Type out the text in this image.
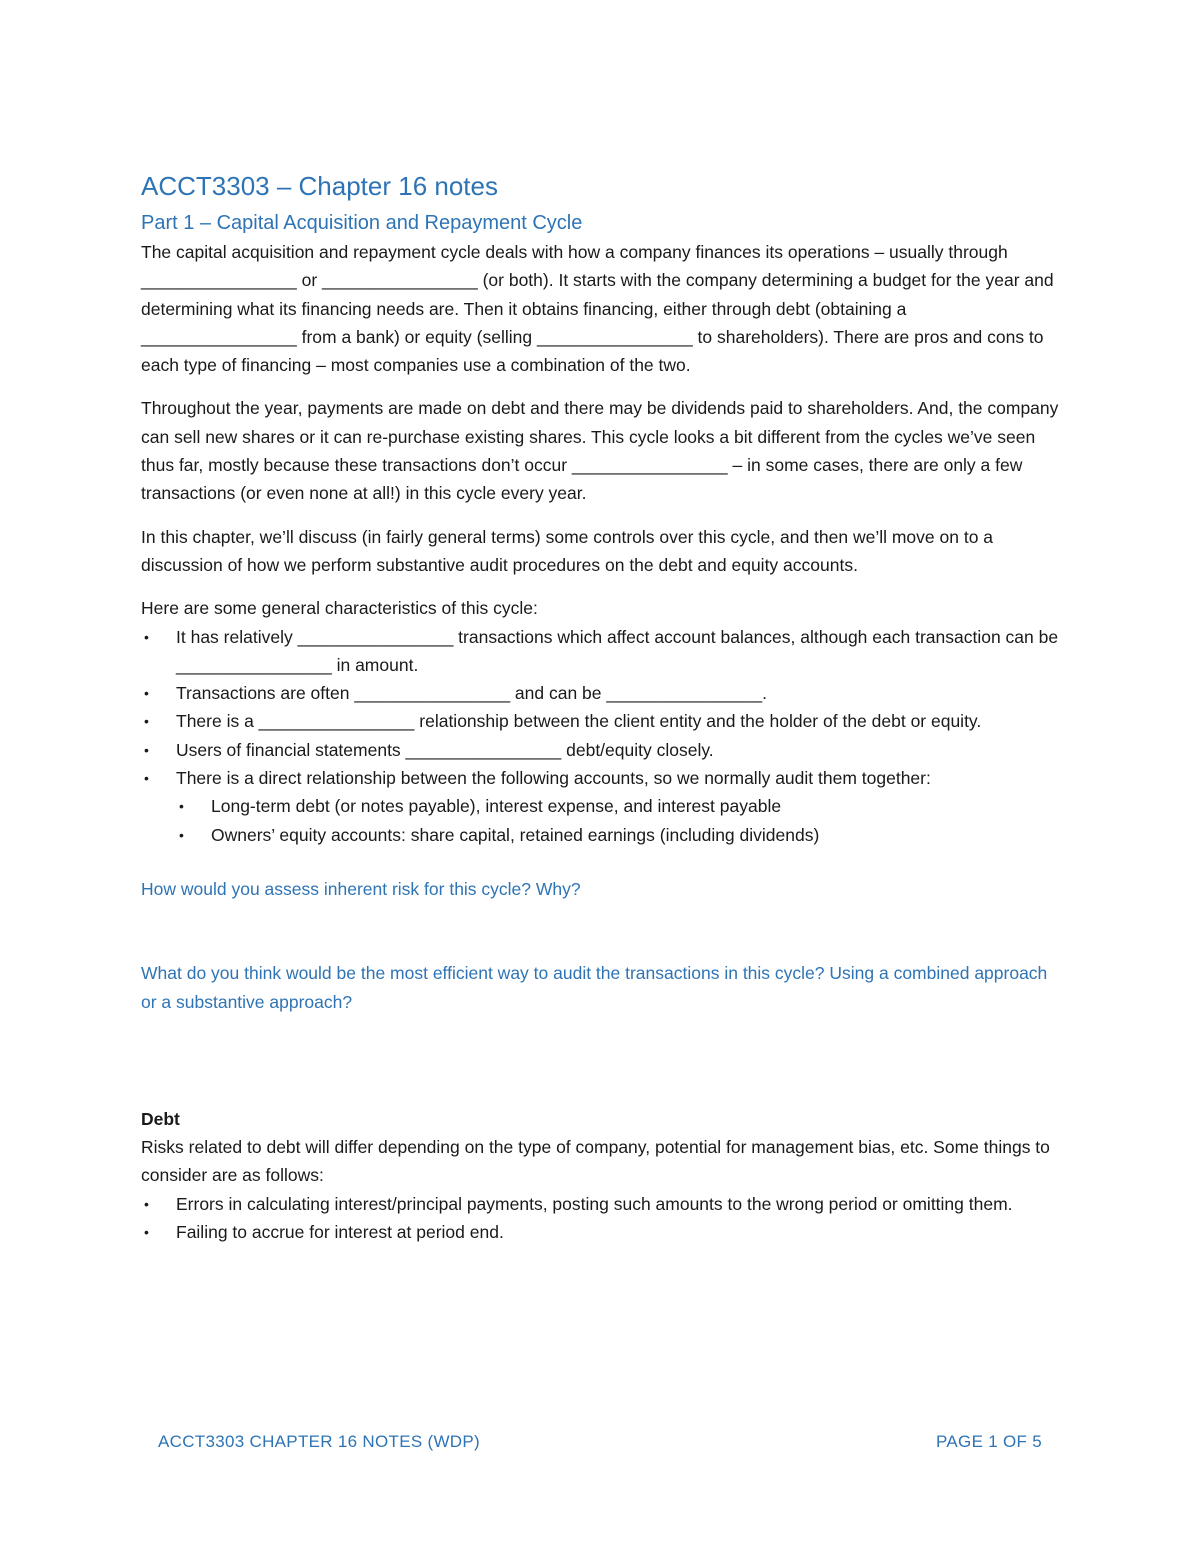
ACCT3303 – Chapter 16 notes
Part 1 – Capital Acquisition and Repayment Cycle

The capital acquisition and repayment cycle deals with how a company finances its operations – usually through ________________ or ________________ (or both). It starts with the company determining a budget for the year and determining what its financing needs are. Then it obtains financing, either through debt (obtaining a ________________ from a bank) or equity (selling ________________ to shareholders). There are pros and cons to each type of financing – most companies use a combination of the two.

Throughout the year, payments are made on debt and there may be dividends paid to shareholders. And, the company can sell new shares or it can re-purchase existing shares. This cycle looks a bit different from the cycles we’ve seen thus far, mostly because these transactions don’t occur ________________ – in some cases, there are only a few transactions (or even none at all!) in this cycle every year.

In this chapter, we’ll discuss (in fairly general terms) some controls over this cycle, and then we’ll move on to a discussion of how we perform substantive audit procedures on the debt and equity accounts.

Here are some general characteristics of this cycle:

• It has relatively ________________ transactions which affect account balances, although each transaction can be ________________ in amount.
• Transactions are often ________________ and can be ________________.
• There is a ________________ relationship between the client entity and the holder of the debt or equity.
• Users of financial statements ________________ debt/equity closely.
• There is a direct relationship between the following accounts, so we normally audit them together:
• Long-term debt (or notes payable), interest expense, and interest payable
• Owners’ equity accounts: share capital, retained earnings (including dividends)

How would you assess inherent risk for this cycle? Why?

What do you think would be the most efficient way to audit the transactions in this cycle? Using a combined approach or a substantive approach?

Debt

Risks related to debt will differ depending on the type of company, potential for management bias, etc. Some things to consider are as follows:

• Errors in calculating interest/principal payments, posting such amounts to the wrong period or omitting them.
• Failing to accrue for interest at period end.
ACCT3303 CHAPTER 16 NOTES (WDP)	PAGE 1 OF 5
